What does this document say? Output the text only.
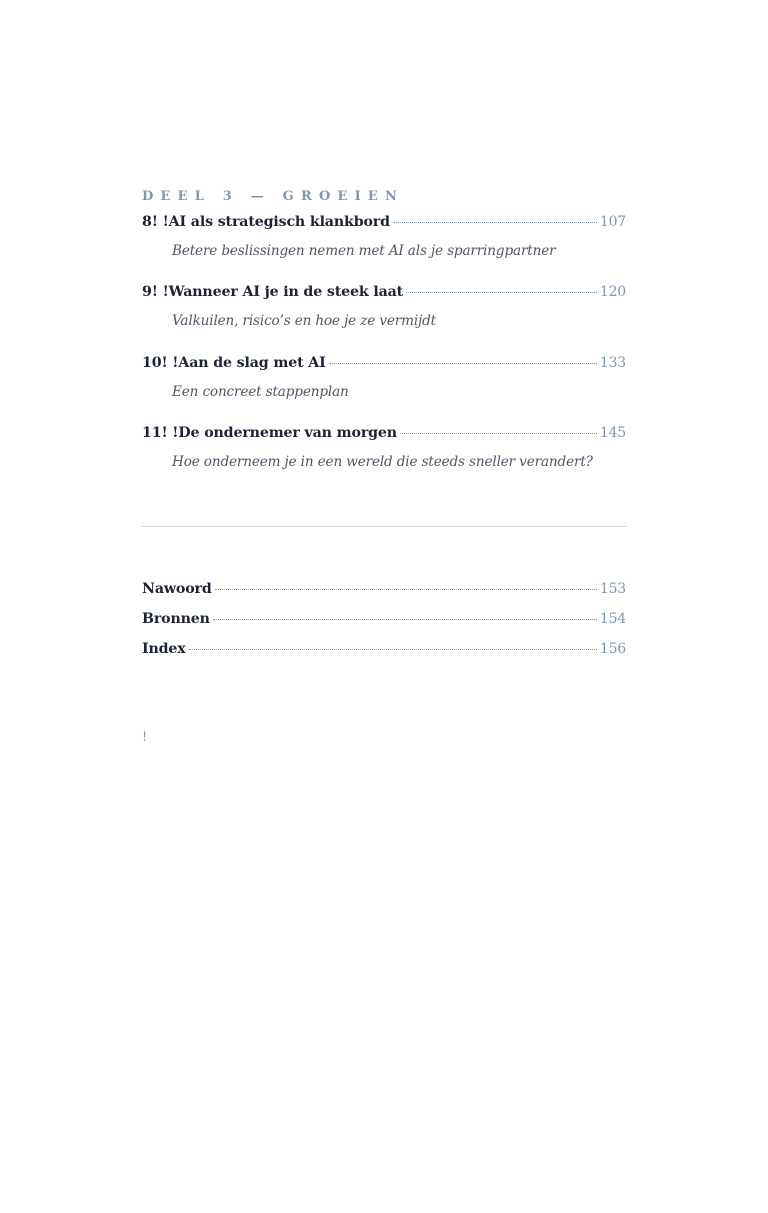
DEEL 3 — GROEIEN
8! !AI als strategisch klankbord	107
Betere beslissingen nemen met AI als je sparringpartner
9! !Wanneer AI je in de steek laat	120
Valkuilen, risico’s en hoe je ze vermijdt
10! !Aan de slag met AI	133
Een concreet stappenplan
11! !De ondernemer van morgen	145
Hoe onderneem je in een wereld die steeds sneller verandert?
Nawoord	153
Bronnen	154
Index	156
!
